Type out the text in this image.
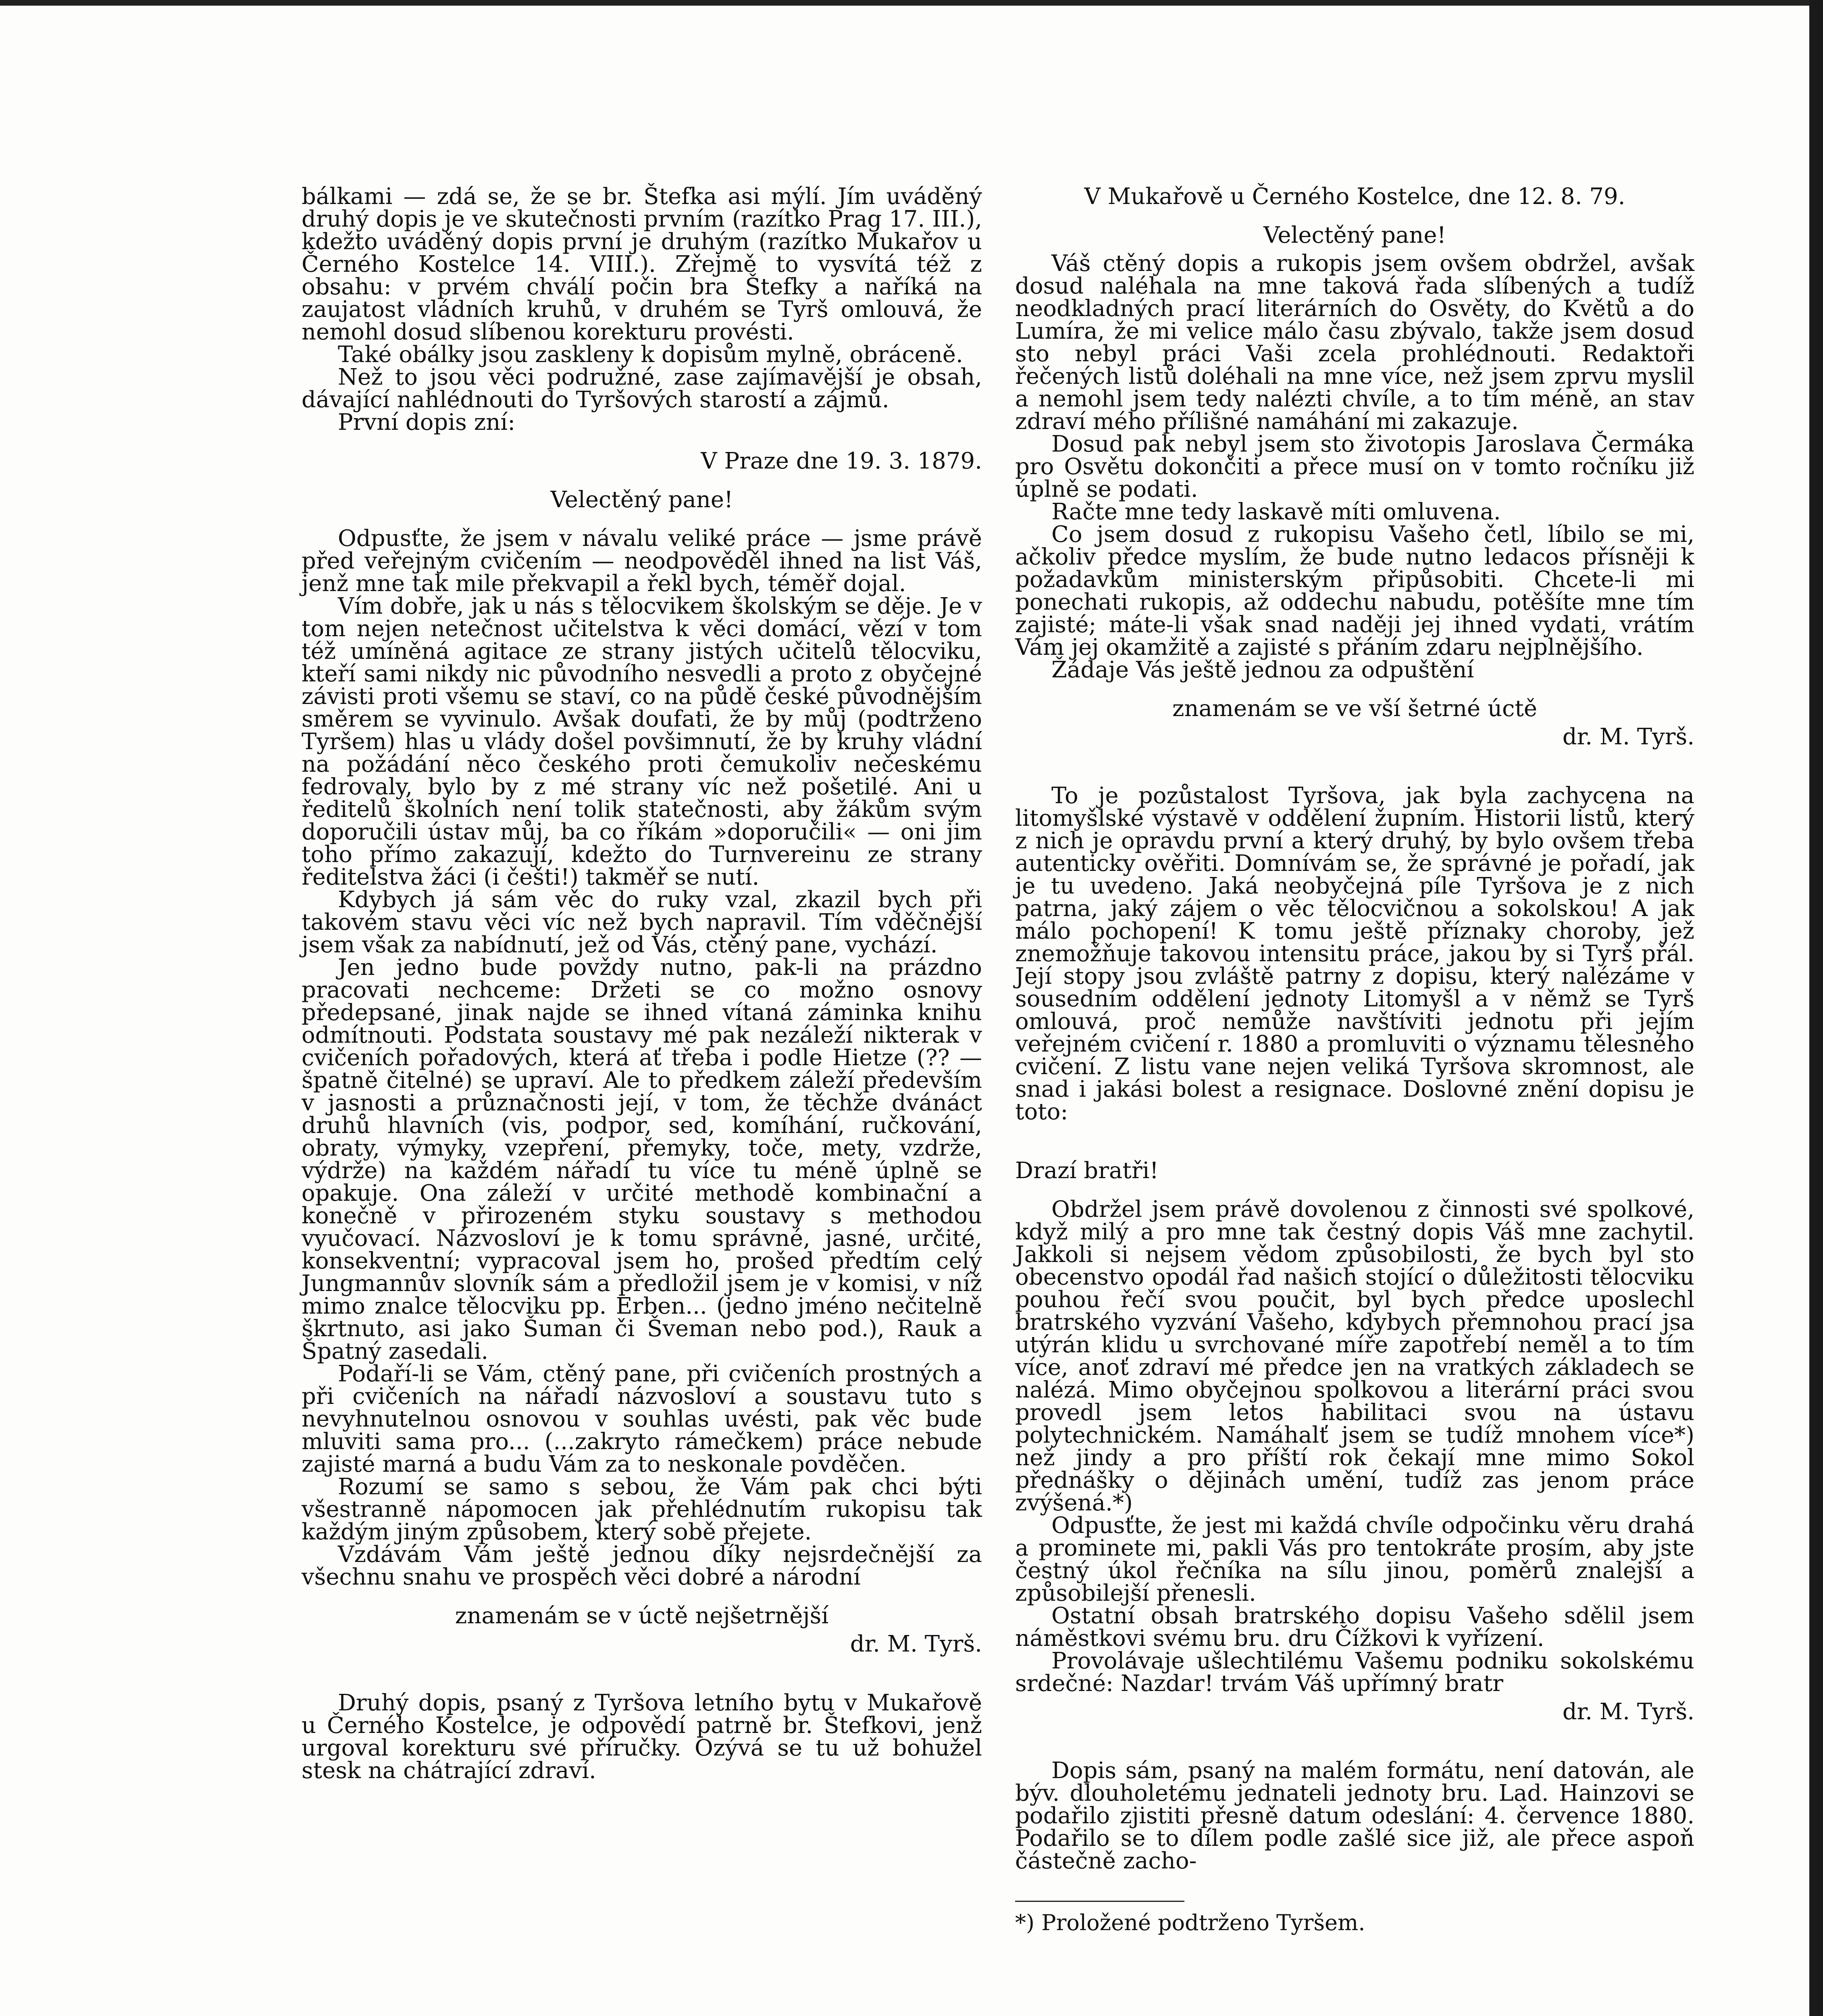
bálkami — zdá se, že se br. Štefka asi mýlí. Jím uváděný druhý dopis je ve skutečnosti prvním (razítko Prag 17. III.), kdežto uváděný dopis první je druhým (razítko Mukařov u Černého Kostelce 14. VIII.). Zřejmě to vysvítá též z obsahu: v prvém chválí počin bra Štefky a naříká na zaujatost vládních kruhů, v druhém se Tyrš omlouvá, že nemohl dosud slíbenou korekturu provésti.

Také obálky jsou zaskleny k dopisům mylně, obráceně.

Než to jsou věci podružné, zase zajímavější je obsah, dávající nahlédnouti do Tyršových starostí a zájmů.

První dopis zní:

V Praze dne 19. 3. 1879.

Velectěný pane!

Odpusťte, že jsem v návalu veliké práce — jsme právě před veřejným cvičením — neodpověděl ihned na list Váš, jenž mne tak mile překvapil a řekl bych, téměř dojal.

Vím dobře, jak u nás s tělocvikem školským se děje. Je v tom nejen netečnost učitelstva k věci domácí, vězí v tom též umíněná agitace ze strany jistých učitelů tělocviku, kteří sami nikdy nic původního nesvedli a proto z obyčejné závisti proti všemu se staví, co na půdě české původnějším směrem se vyvinulo. Avšak doufati, že by můj (podtrženo Tyršem) hlas u vlády došel povšimnutí, že by kruhy vládní na požádání něco českého proti čemukoliv nečeskému fedrovaly, bylo by z mé strany víc než pošetilé. Ani u ředitelů školních není tolik statečnosti, aby žákům svým doporučili ústav můj, ba co říkám »doporučili« — oni jim toho přímo zakazují, kdežto do Turnvereinu ze strany ředitelstva žáci (i češti!) takměř se nutí.

Kdybych já sám věc do ruky vzal, zkazil bych při takovém stavu věci víc než bych napravil. Tím vděčnější jsem však za nabídnutí, jež od Vás, ctěný pane, vychází.

Jen jedno bude povždy nutno, pak-li na prázdno pracovati nechceme: Držeti se co možno osnovy předepsané, jinak najde se ihned vítaná záminka knihu odmítnouti. Podstata soustavy mé pak nezáleží nikterak v cvičeních pořadových, která ať třeba i podle Hietze (?? — špatně čitelné) se upraví. Ale to předkem záleží především v jasnosti a průznačnosti její, v tom, že těchže dvánáct druhů hlavních (vis, podpor, sed, komíhání, ručkování, obraty, výmyky, vzepření, přemyky, toče, mety, vzdrže, výdrže) na každém nářadí tu více tu méně úplně se opakuje. Ona záleží v určité methodě kombinační a konečně v přirozeném styku soustavy s methodou vyučovací. Názvosloví je k tomu správné, jasné, určité, konsekventní; vypracoval jsem ho, prošed předtím celý Jungmannův slovník sám a předložil jsem je v komisi, v níž mimo znalce tělocviku pp. Erben... (jedno jméno nečitelně škrtnuto, asi jako Šuman či Šveman nebo pod.), Rauk a Špatný zasedali.

Podaří-li se Vám, ctěný pane, při cvičeních prostných a při cvičeních na nářadí názvosloví a soustavu tuto s nevyhnutelnou osnovou v souhlas uvésti, pak věc bude mluviti sama pro... (...zakryto rámečkem) práce nebude zajisté marná a budu Vám za to neskonale povděčen.

Rozumí se samo s sebou, že Vám pak chci býti všestranně nápomocen jak přehlédnutím rukopisu tak každým jiným způsobem, který sobě přejete.

Vzdávám Vám ještě jednou díky nejsrdečnější za všechnu snahu ve prospěch věci dobré a národní

znamenám se v úctě nejšetrnější

dr. M. Tyrš.

Druhý dopis, psaný z Tyršova letního bytu v Mukařově u Černého Kostelce, je odpovědí patrně br. Štefkovi, jenž urgoval korekturu své příručky. Ozývá se tu už bohužel stesk na chátrající zdraví.

V Mukařově u Černého Kostelce, dne 12. 8. 79.

Velectěný pane!

Váš ctěný dopis a rukopis jsem ovšem obdržel, avšak dosud naléhala na mne taková řada slíbených a tudíž neodkladných prací literárních do Osvěty, do Květů a do Lumíra, že mi velice málo času zbývalo, takže jsem dosud sto nebyl práci Vaši zcela prohlédnouti. Redaktoři řečených listů doléhali na mne více, než jsem zprvu myslil a nemohl jsem tedy nalézti chvíle, a to tím méně, an stav zdraví mého přílišné namáhání mi zakazuje.

Dosud pak nebyl jsem sto životopis Jaroslava Čermáka pro Osvětu dokončiti a přece musí on v tomto ročníku již úplně se podati.

Račte mne tedy laskavě míti omluvena.

Co jsem dosud z rukopisu Vašeho četl, líbilo se mi, ačkoliv předce myslím, že bude nutno ledacos přísněji k požadavkům ministerským připůsobiti. Chcete-li mi ponechati rukopis, až oddechu nabudu, potěšíte mne tím zajisté; máte-li však snad naději jej ihned vydati, vrátím Vám jej okamžitě a zajisté s přáním zdaru nejplnějšího.

Žádaje Vás ještě jednou za odpuštění

znamenám se ve vší šetrné úctě

dr. M. Tyrš.

To je pozůstalost Tyršova, jak byla zachycena na litomyšlské výstavě v oddělení župním. Historii listů, který z nich je opravdu první a který druhý, by bylo ovšem třeba autenticky ověřiti. Domnívám se, že správné je pořadí, jak je tu uvedeno. Jaká neobyčejná píle Tyršova je z nich patrna, jaký zájem o věc tělocvičnou a sokolskou! A jak málo pochopení! K tomu ještě příznaky choroby, jež znemožňuje takovou intensitu práce, jakou by si Tyrš přál. Její stopy jsou zvláště patrny z dopisu, který nalézáme v sousedním oddělení jednoty Litomyšl a v němž se Tyrš omlouvá, proč nemůže navštíviti jednotu při jejím veřejném cvičení r. 1880 a promluviti o významu tělesného cvičení. Z listu vane nejen veliká Tyršova skromnost, ale snad i jakási bolest a resignace. Doslovné znění dopisu je toto:

Drazí bratři!

Obdržel jsem právě dovolenou z činnosti své spolkové, když milý a pro mne tak čestný dopis Váš mne zachytil. Jakkoli si nejsem vědom způsobilosti, že bych byl sto obecenstvo opodál řad našich stojící o důležitosti tělocviku pouhou řečí svou poučit, byl bych předce uposlechl bratrského vyzvání Vašeho, kdybych přemnohou prací jsa utýrán klidu u svrchované míře zapotřebí neměl a to tím více, anoť zdraví mé předce jen na vratkých základech se nalézá. Mimo obyčejnou spolkovou a literární práci svou provedl jsem letos habilitaci svou na ústavu polytechnickém. Namáhalť jsem se tudíž mnohem více*) než jindy a pro příští rok čekají mne mimo Sokol přednášky o dějinách umění, tudíž zas jenom práce zvýšená.*)

Odpusťte, že jest mi každá chvíle odpočinku věru drahá a prominete mi, pakli Vás pro tentokráte prosím, aby jste čestný úkol řečníka na sílu jinou, poměrů znalejší a způsobilejší přenesli.

Ostatní obsah bratrského dopisu Vašeho sdělil jsem náměstkovi svému bru. dru Čížkovi k vyřízení.

Provolávaje ušlechtilému Vašemu podniku sokolskému srdečné: Nazdar! trvám Váš upřímný bratr

dr. M. Tyrš.

Dopis sám, psaný na malém formátu, není datován, ale býv. dlouholetému jednateli jednoty bru. Lad. Hainzovi se podařilo zjistiti přesně datum odeslání: 4. července 1880. Podařilo se to dílem podle zašlé sice již, ale přece aspoň částečně zacho-

*) Proložené podtrženo Tyršem.
